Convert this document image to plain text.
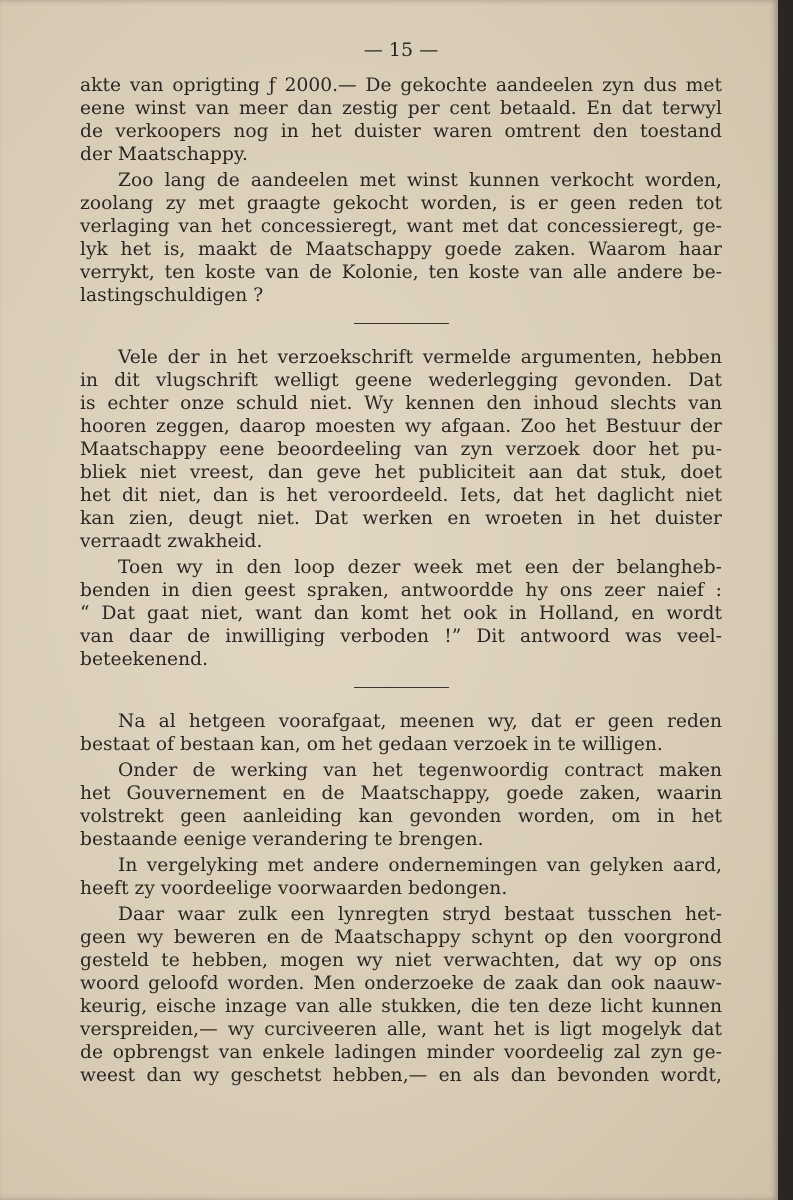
— 15 —

akte van oprigting ƒ 2000.— De gekochte aandeelen zyn dus met
eene winst van meer dan zestig per cent betaald. En dat terwyl
de verkoopers nog in het duister waren omtrent den toestand
der Maatschappy.

Zoo lang de aandeelen met winst kunnen verkocht worden,
zoolang zy met graagte gekocht worden, is er geen reden tot
verlaging van het concessieregt, want met dat concessieregt, ge-
lyk het is, maakt de Maatschappy goede zaken. Waarom haar
verrykt, ten koste van de Kolonie, ten koste van alle andere be-
lastingschuldigen ?

Vele der in het verzoekschrift vermelde argumenten, hebben
in dit vlugschrift welligt geene wederlegging gevonden. Dat
is echter onze schuld niet. Wy kennen den inhoud slechts van
hooren zeggen, daarop moesten wy afgaan. Zoo het Bestuur der
Maatschappy eene beoordeeling van zyn verzoek door het pu-
bliek niet vreest, dan geve het publiciteit aan dat stuk, doet
het dit niet, dan is het veroordeeld. Iets, dat het daglicht niet
kan zien, deugt niet. Dat werken en wroeten in het duister
verraadt zwakheid.

Toen wy in den loop dezer week met een der belangheb-
benden in dien geest spraken, antwoordde hy ons zeer naief :
“ Dat gaat niet, want dan komt het ook in Holland, en wordt
van daar de inwilliging verboden !” Dit antwoord was veel-
beteekenend.

Na al hetgeen voorafgaat, meenen wy, dat er geen reden
bestaat of bestaan kan, om het gedaan verzoek in te willigen.

Onder de werking van het tegenwoordig contract maken
het Gouvernement en de Maatschappy, goede zaken, waarin
volstrekt geen aanleiding kan gevonden worden, om in het
bestaande eenige verandering te brengen.

In vergelyking met andere ondernemingen van gelyken aard,
heeft zy voordeelige voorwaarden bedongen.

Daar waar zulk een lynregten stryd bestaat tusschen het-
geen wy beweren en de Maatschappy schynt op den voorgrond
gesteld te hebben, mogen wy niet verwachten, dat wy op ons
woord geloofd worden. Men onderzoeke de zaak dan ook naauw-
keurig, eische inzage van alle stukken, die ten deze licht kunnen
verspreiden,— wy curciveeren alle, want het is ligt mogelyk dat
de opbrengst van enkele ladingen minder voordeelig zal zyn ge-
weest dan wy geschetst hebben,— en als dan bevonden wordt,
